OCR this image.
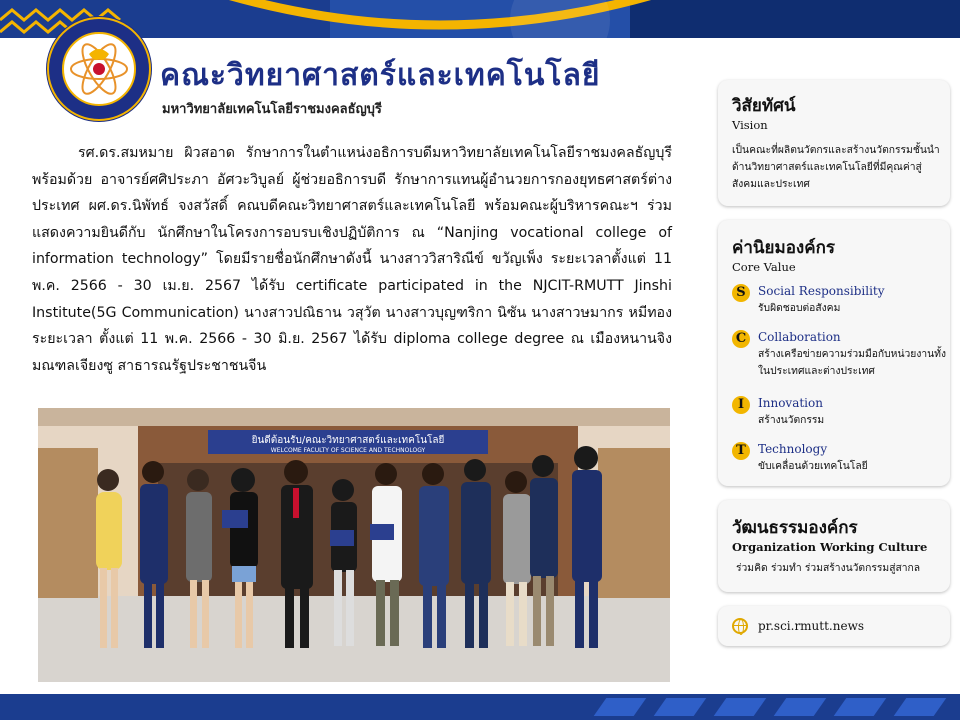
คณะวิทยาศาสตร์และเทคโนโลยี
มหาวิทยาลัยเทคโนโลยีราชมงคลธัญบุรี
รศ.ดร.สมหมาย ผิวสอาด รักษาการในตำแหน่งอธิการบดีมหาวิทยาลัยเทคโนโลยีราชมงคลธัญบุรี พร้อมด้วย อาจารย์ศศิประภา อัศวะวิบูลย์ ผู้ช่วยอธิการบดี รักษาการแทนผู้อำนวยการกองยุทธศาสตร์ต่างประเทศ ผศ.ดร.นิพัทธ์ จงสวัสดิ์ คณบดีคณะวิทยาศาสตร์และเทคโนโลยี พร้อมคณะผู้บริหารคณะฯ ร่วมแสดงความยินดีกับ นักศึกษาในโครงการอบรบเชิงปฏิบัติการ ณ “Nanjing vocational college of information technology” โดยมีรายชื่อนักศึกษาดังนี้ นางสาววิสาริณีข์ ขวัญเพ็ง ระยะเวลาตั้งแต่ 11 พ.ค. 2566 - 30 เม.ย. 2567 ได้รับ certificate participated in the NJCIT-RMUTT Jinshi Institute(5G Communication) นางสาวปณิธาน วสุวัต นางสาวบุญฑริกา นิซัน นางสาวษมากร หมีทอง ระยะเวลา ตั้งแต่ 11 พ.ค. 2566 - 30 มิ.ย. 2567 ได้รับ diploma college degree ณ เมืองหนานจิง มณฑลเจียงซู สาธารณรัฐประชาชนจีน
ยินดีต้อนรับ/คณะวิทยาศาสตร์และเทคโนโลยี
WELCOME FACULTY OF SCIENCE AND TECHNOLOGY
วิสัยทัศน์
Vision
เป็นคณะที่ผลิตนวัตกรและสร้างนวัตกรรมชั้นนำด้านวิทยาศาสตร์และเทคโนโลยีที่มีคุณค่าสู่สังคมและประเทศ
ค่านิยมองค์กร
Core Value
S	Social Responsibility
รับผิดชอบต่อสังคม
C Collaboration
สร้างเครือข่ายความร่วมมือกับหน่วยงานทั้งในประเทศและต่างประเทศ
I	Innovation
สร้างนวัตกรรม
T	Technology
ขับเคลื่อนด้วยเทคโนโลยี
วัฒนธรรมองค์กร
Organization Working Culture
ร่วมคิด ร่วมทำ ร่วมสร้างนวัตกรรมสู่สากล
pr.sci.rmutt.news
